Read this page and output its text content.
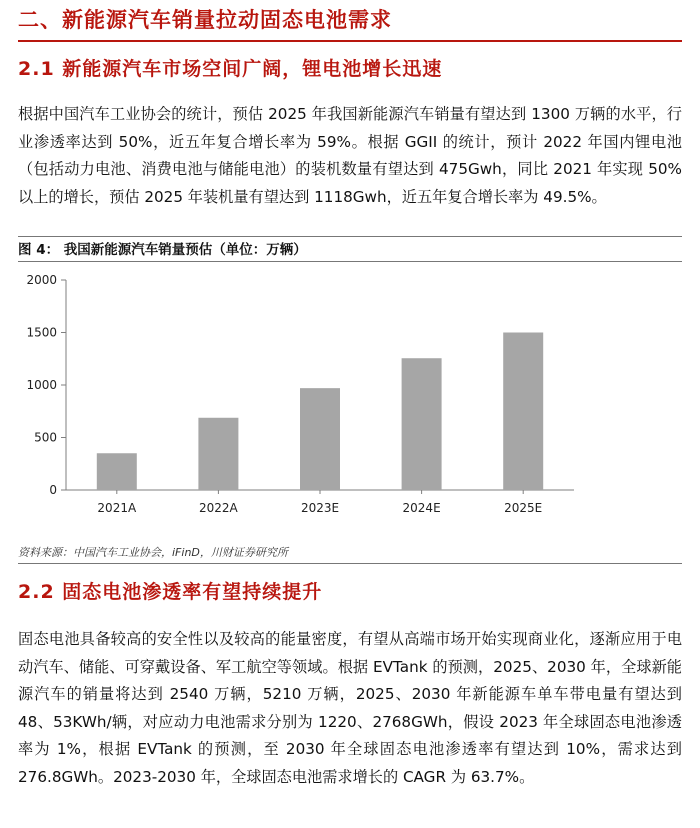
二、新能源汽车销量拉动固态电池需求
2.1 新能源汽车市场空间广阔，锂电池增长迅速
根据中国汽车工业协会的统计，预估 2025 年我国新能源汽车销量有望达到 1300 万辆的水平，行业渗透率达到 50%，近五年复合增长率为 59%。根据 GGII 的统计，预计 2022 年国内锂电池（包括动力电池、消费电池与储能电池）的装机数量有望达到 475Gwh，同比 2021 年实现 50%以上的增长，预估 2025 年装机量有望达到 1118Gwh，近五年复合增长率为 49.5%。
图 4： 我国新能源汽车销量预估（单位：万辆）
0
500
1000
1500
2000
2021A	2022A	2023E	2024E	2025E
资料来源：中国汽车工业协会，iFinD，川财证券研究所
2.2 固态电池渗透率有望持续提升
固态电池具备较高的安全性以及较高的能量密度，有望从高端市场开始实现商业化，逐渐应用于电动汽车、储能、可穿戴设备、军工航空等领域。根据 EVTank 的预测，2025、2030 年，全球新能源汽车的销量将达到 2540 万辆，5210 万辆，2025、2030 年新能源车单车带电量有望达到 48、53KWh/辆，对应动力电池需求分别为 1220、2768GWh，假设 2023 年全球固态电池渗透率为 1%，根据 EVTank 的预测，至 2030 年全球固态电池渗透率有望达到 10%，需求达到 276.8GWh。2023-2030 年，全球固态电池需求增长的 CAGR 为 63.7%。
